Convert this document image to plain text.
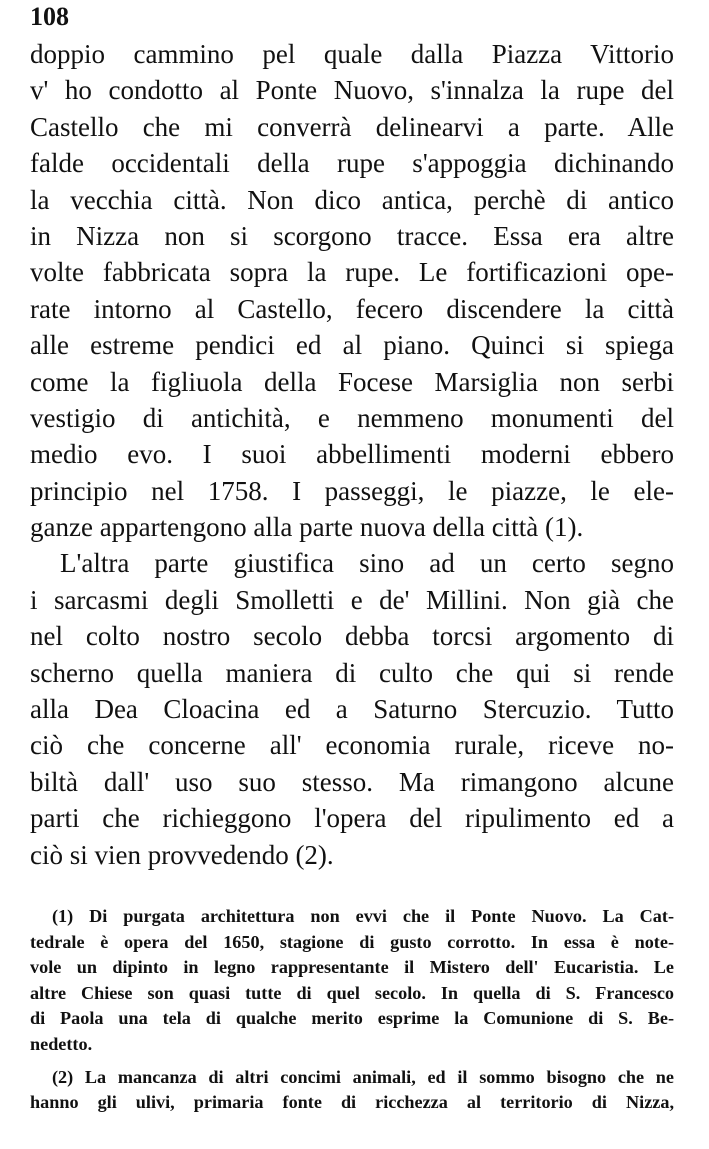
108
doppio cammino pel quale dalla Piazza Vittorio
v' ho condotto al Ponte Nuovo, s'innalza la rupe del
Castello che mi converrà delinearvi a parte. Alle
falde occidentali della rupe s'appoggia dichinando
la vecchia città. Non dico antica, perchè di antico
in Nizza non si scorgono tracce. Essa era altre
volte fabbricata sopra la rupe. Le fortificazioni ope-
rate intorno al Castello, fecero discendere la città
alle estreme pendici ed al piano. Quinci si spiega
come la figliuola della Focese Marsiglia non serbi
vestigio di antichità, e nemmeno monumenti del
medio evo. I suoi abbellimenti moderni ebbero
principio nel 1758. I passeggi, le piazze, le ele-
ganze appartengono alla parte nuova della città (1).
L'altra parte giustifica sino ad un certo segno
i sarcasmi degli Smolletti e de' Millini. Non già che
nel colto nostro secolo debba torcsi argomento di
scherno quella maniera di culto che qui si rende
alla Dea Cloacina ed a Saturno Stercuzio. Tutto
ciò che concerne all' economia rurale, riceve no-
biltà dall' uso suo stesso. Ma rimangono alcune
parti che richieggono l'opera del ripulimento ed a
ciò si vien provvedendo (2).
(1) Di purgata architettura non evvi che il Ponte Nuovo. La Cat-
tedrale è opera del 1650, stagione di gusto corrotto. In essa è note-
vole un dipinto in legno rappresentante il Mistero dell' Eucaristia. Le
altre Chiese son quasi tutte di quel secolo. In quella di S. Francesco
di Paola una tela di qualche merito esprime la Comunione di S. Be-
nedetto.
(2) La mancanza di altri concimi animali, ed il sommo bisogno che ne
hanno gli ulivi, primaria fonte di ricchezza al territorio di Nizza,
